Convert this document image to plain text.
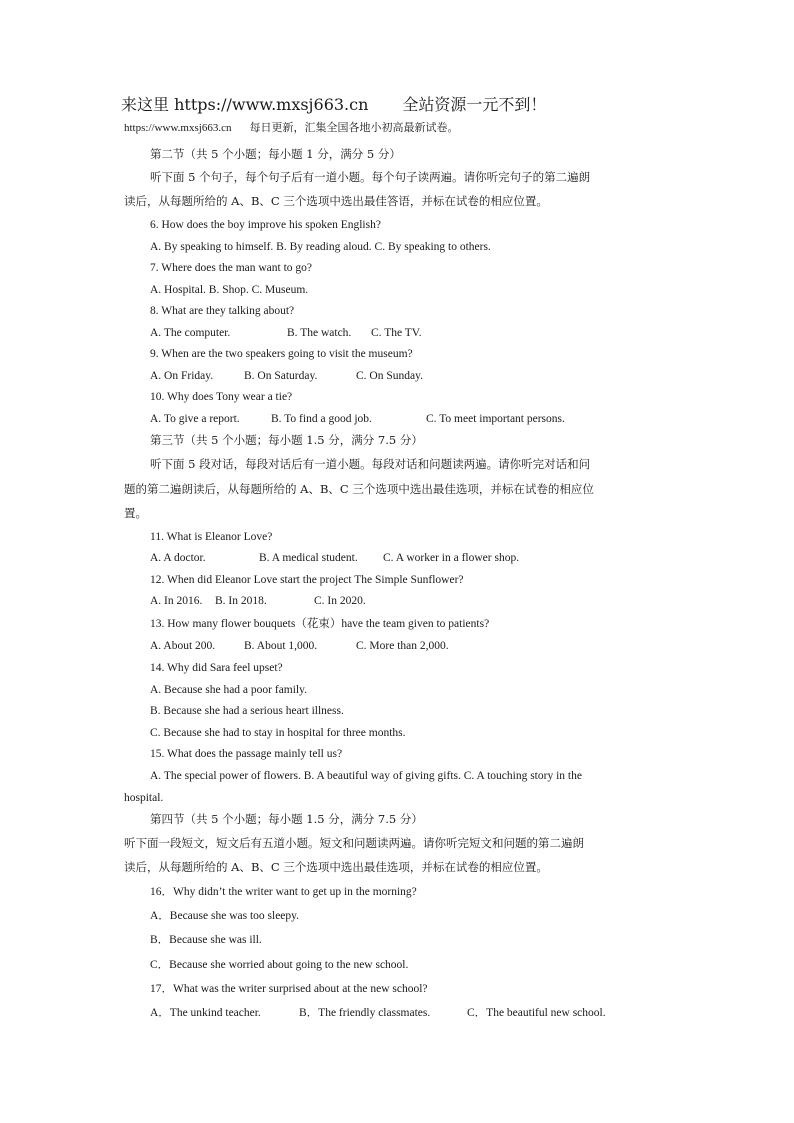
来这里 https://www.mxsj663.cn 全站资源一元不到！
https://www.mxsj663.cn 每日更新，汇集全国各地小初高最新试卷。
第二节（共 5 个小题；每小题 1 分，满分 5 分）
听下面 5 个句子，每个句子后有一道小题。每个句子读两遍。请你听完句子的第二遍朗
读后，从每题所给的 A、B、C 三个选项中选出最佳答语，并标在试卷的相应位置。
6. How does the boy improve his spoken English?
A. By speaking to himself. B. By reading aloud. C. By speaking to others.
7. Where does the man want to go?
A. Hospital. B. Shop. C. Museum.
8. What are they talking about?
A. The computer.	B. The watch. C. The TV.
9. When are the two speakers going to visit the museum?
A. On Friday.	B. On Saturday.	C. On Sunday.
10. Why does Tony wear a tie?
A. To give a report.	B. To find a good job.	C. To meet important persons.
第三节（共 5 个小题；每小题 1.5 分，满分 7.5 分）
听下面 5 段对话，每段对话后有一道小题。每段对话和问题读两遍。请你听完对话和问
题的第二遍朗读后，从每题所给的 A、B、C 三个选项中选出最佳选项，并标在试卷的相应位
置。
11. What is Eleanor Love?
A. A doctor.	B. A medical student. C. A worker in a flower shop.
12. When did Eleanor Love start the project The Simple Sunflower?
A. In 2016. B. In 2018.	C. In 2020.
13. How many flower bouquets（花束）have the team given to patients?
A. About 200.	B. About 1,000.	C. More than 2,000.
14. Why did Sara feel upset?
A. Because she had a poor family.
B. Because she had a serious heart illness.
C. Because she had to stay in hospital for three months.
15. What does the passage mainly tell us?
A. The special power of flowers. B. A beautiful way of giving gifts. C. A touching story in the
hospital.
第四节（共 5 个小题；每小题 1.5 分，满分 7.5 分）
听下面一段短文，短文后有五道小题。短文和问题读两遍。请你听完短文和问题的第二遍朗
读后，从每题所给的 A、B、C 三个选项中选出最佳选项，并标在试卷的相应位置。
16．Why didn’t the writer want to get up in the morning?
A．Because she was too sleepy.
B．Because she was ill.
C．Because she worried about going to the new school.
17．What was the writer surprised about at the new school?
A．The unkind teacher.	B．The friendly classmates.	C．The beautiful new school.
